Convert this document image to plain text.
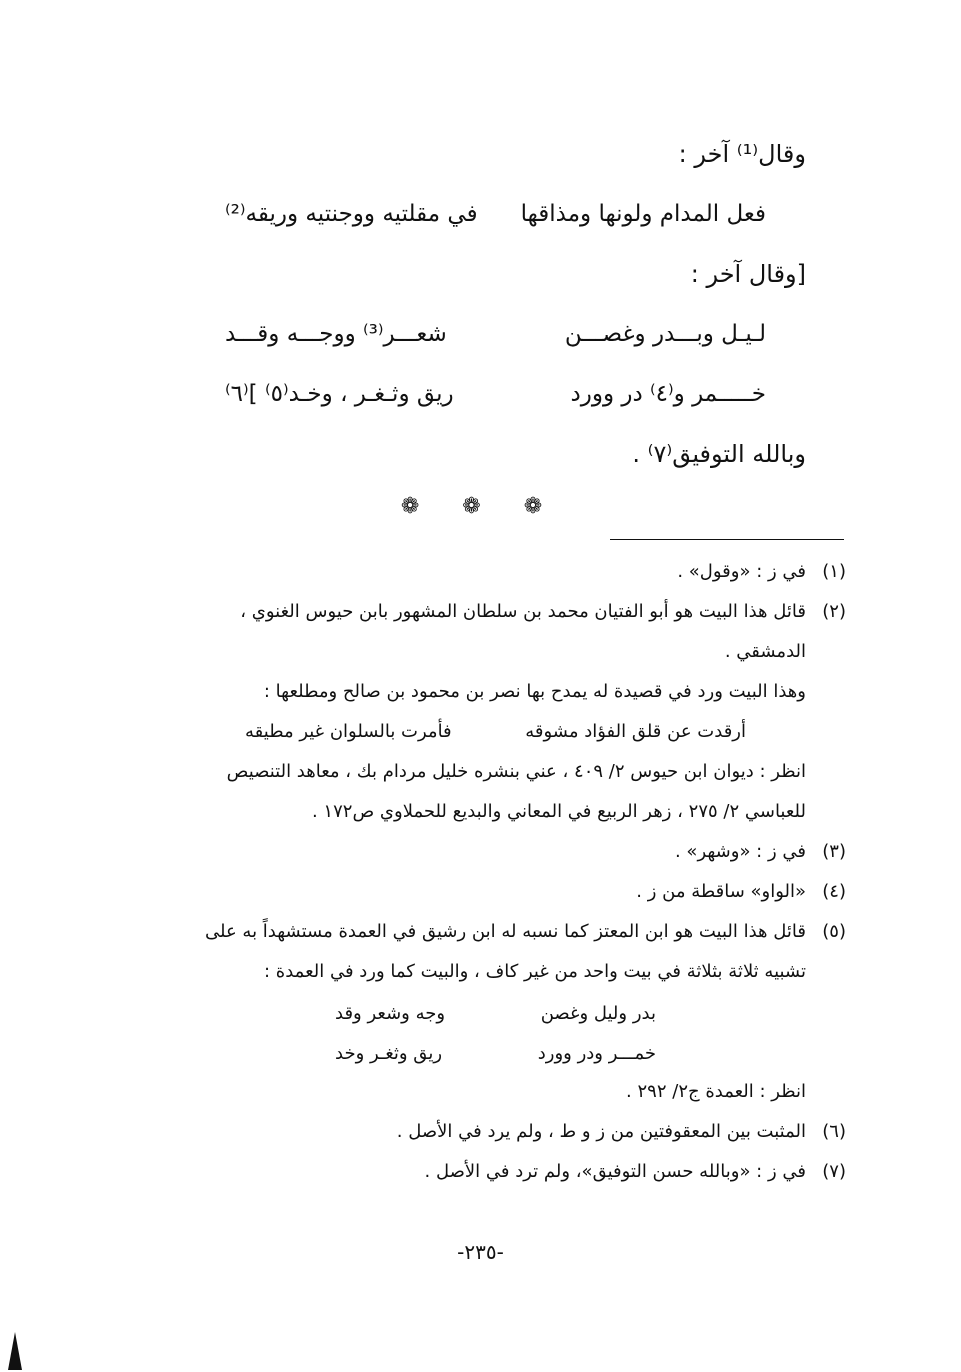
وقال⁽¹⁾ آخر :
فعل المدام ولونها ومذاقها
في مقلتيه ووجنتيه وريقه⁽²⁾
[وقال آخر :
لـيـل وبـــدر وغصـــن
شعـــر⁽³⁾ ووجـــه وقـــد
خـــــمر و⁽٤⁾ در وورد
ريق وثـغـر ، وخـد⁽٥⁾ ]⁽٦⁾
وبالله التوفيق⁽٧⁾ .
❁ ❁ ❁
(١)
في ز : «وقول» .
(٢)
قائل هذا البيت هو أبو الفتيان محمد بن سلطان المشهور بابن حيوس الغنوي ،
الدمشقي .
وهذا البيت ورد في قصيدة له يمدح بها نصر بن محمود بن صالح ومطلعها :
أرقدت عن قلق الفؤاد مشوقه
فأمرت بالسلوان غير مطيقه
انظر : ديوان ابن حيوس ٢/ ٤٠٩ ، عني بنشره خليل مردام بك ، معاهد التنصيص
للعباسي ٢/ ٢٧٥ ، زهر الربيع في المعاني والبديع للحملاوي ص١٧٢ .
(٣)
في ز : «وشهر» .
(٤)
«الواو» ساقطة من ز .
(٥)
قائل هذا البيت هو ابن المعتز كما نسبه له ابن رشيق في العمدة مستشهداً به على
تشبيه ثلاثة بثلاثة في بيت واحد من غير كاف ، والبيت كما ورد في العمدة :
بدر وليل وغصن
وجه وشعر وقد
خمـــر ودر وورد
ريق وثغـر وخد
انظر : العمدة ج٢/ ٢٩٢ .
(٦)
المثبت بين المعقوفتين من ز و ط ، ولم يرد في الأصل .
(٧)
في ز : «وبالله حسن التوفيق»، ولم ترد في الأصل .
-٢٣٥-
